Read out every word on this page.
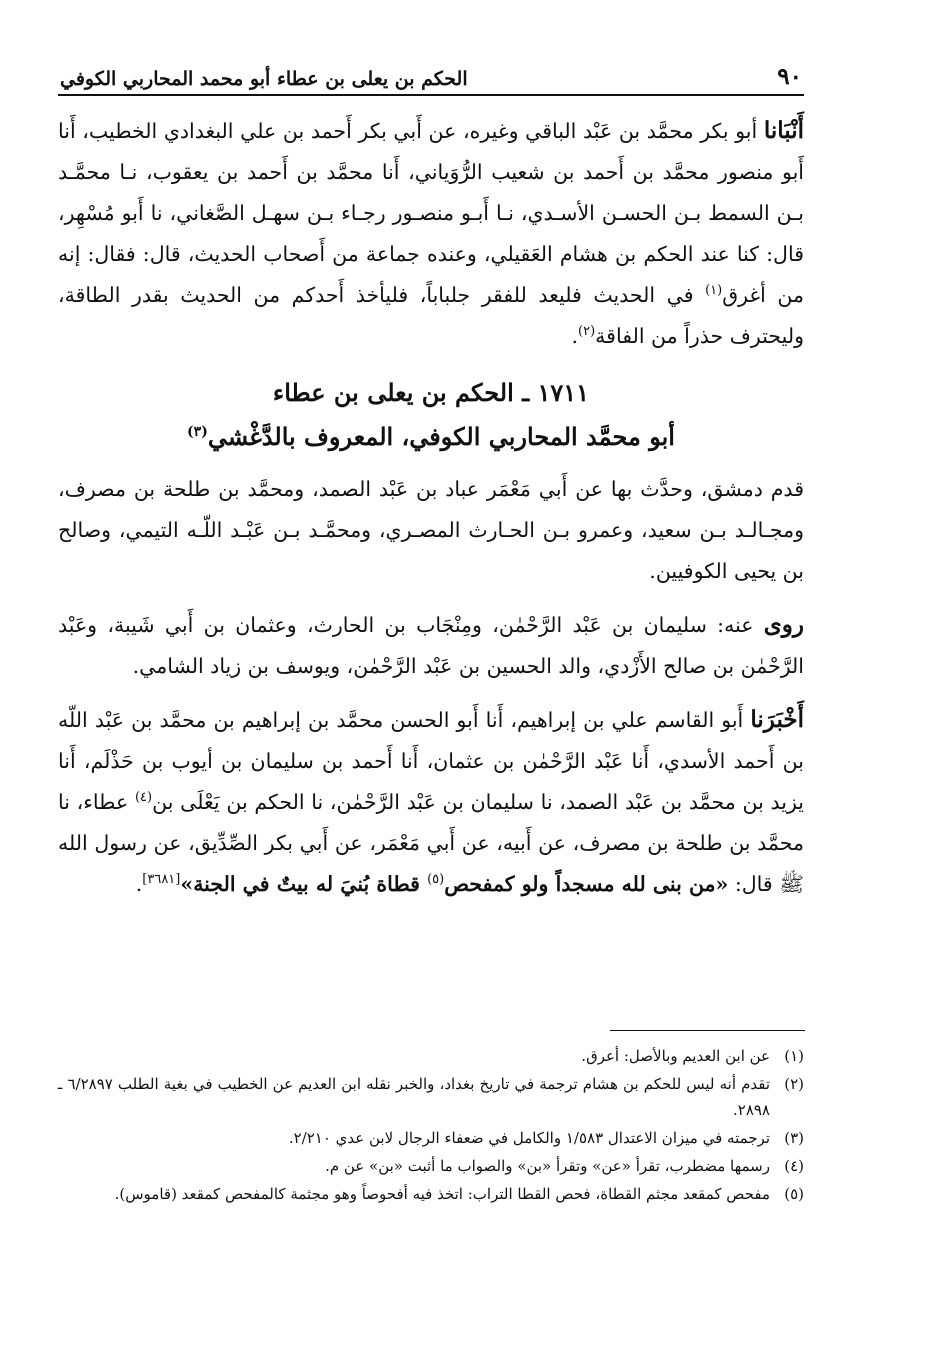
٩٠
الحكم بن يعلى بن عطاء أبو محمد المحاربي الكوفي

أَنْبَانا أبو بكر محمَّد بن عَبْد الباقي وغيره، عن أَبي بكر أَحمد بن علي البغدادي الخطيب، أَنا أَبو منصور محمَّد بن أَحمد بن شعيب الرُّوَياني، أَنا محمَّد بن أَحمد بن يعقوب، نـا محمَّـد بـن السمط بـن الحسـن الأسـدي، نـا أَبـو منصـور رجـاء بـن سهـل الصَّغاني، نا أَبو مُسْهِر، قال: كنا عند الحكم بن هشام العَقيلي، وعنده جماعة من أَصحاب الحديث، قال: فقال: إنه من أغرق$^{(١)}$ في الحديث فليعد للفقر جلباباً، فليأخذ أَحدكم من الحديث بقدر الطاقة، وليحترف حذراً من الفاقة$^{(٢)}$.

١٧١١ ـ الحكم بن يعلى بن عطاء
أبو محمَّد المحاربي الكوفي، المعروف بالدَّغْشي$^{(٣)}$

قدم دمشق، وحدَّث بها عن أَبي مَعْمَر عباد بن عَبْد الصمد، ومحمَّد بن طلحة بن مصرف، ومجـالـد بـن سعيد، وعمرو بـن الحـارث المصـري، ومحمَّـد بـن عَبْـد اللّـه التيمي، وصالح بن يحيى الكوفيين.

روى عنه: سليمان بن عَبْد الرَّحْمٰن، ومِنْجَاب بن الحارث، وعثمان بن أَبي شَيبة، وعَبْد الرَّحْمٰن بن صالح الأَزْدي، والد الحسين بن عَبْد الرَّحْمٰن، ويوسف بن زياد الشامي.

أَخْبَرَنا أَبو القاسم علي بن إبراهيم، أَنا أَبو الحسن محمَّد بن إبراهيم بن محمَّد بن عَبْد اللّه بن أَحمد الأسدي، أَنا عَبْد الرَّحْمٰن بن عثمان، أَنا أَحمد بن سليمان بن أيوب بن حَذْلَم، أَنا يزيد بن محمَّد بن عَبْد الصمد، نا سليمان بن عَبْد الرَّحْمٰن، نا الحكم بن يَعْلَى بن$^{(٤)}$ عطاء، نا محمَّد بن طلحة بن مصرف، عن أَبيه، عن أَبي مَعْمَر، عن أَبي بكر الصِّدِّيق، عن رسول الله ﷺ قال: «من بنى لله مسجداً ولو كمفحص$^{(٥)}$ قطاة بُنيَ له بيتٌ في الجنة»[٣٦٨١].

(١)
عن ابن العديم وبالأصل: أعرق.
(٢)
تقدم أنه ليس للحكم بن هشام ترجمة في تاريخ بغداد، والخبر نقله ابن العديم عن الخطيب في بغية الطلب ٦/٢٨٩٧ ـ ٢٨٩٨.
(٣)
ترجمته في ميزان الاعتدال ١/٥٨٣ والكامل في ضعفاء الرجال لابن عدي ٢/٢١٠.
(٤)
رسمها مضطرب، تقرأ «عن» وتقرأ «بن» والصواب ما أثبت «بن» عن م.
(٥)
مفحص كمقعد مجثم القطاة، فحص القطا التراب: اتخذ فيه أفحوصاً وهو مجثمة كالمفحص كمقعد (قاموس).
